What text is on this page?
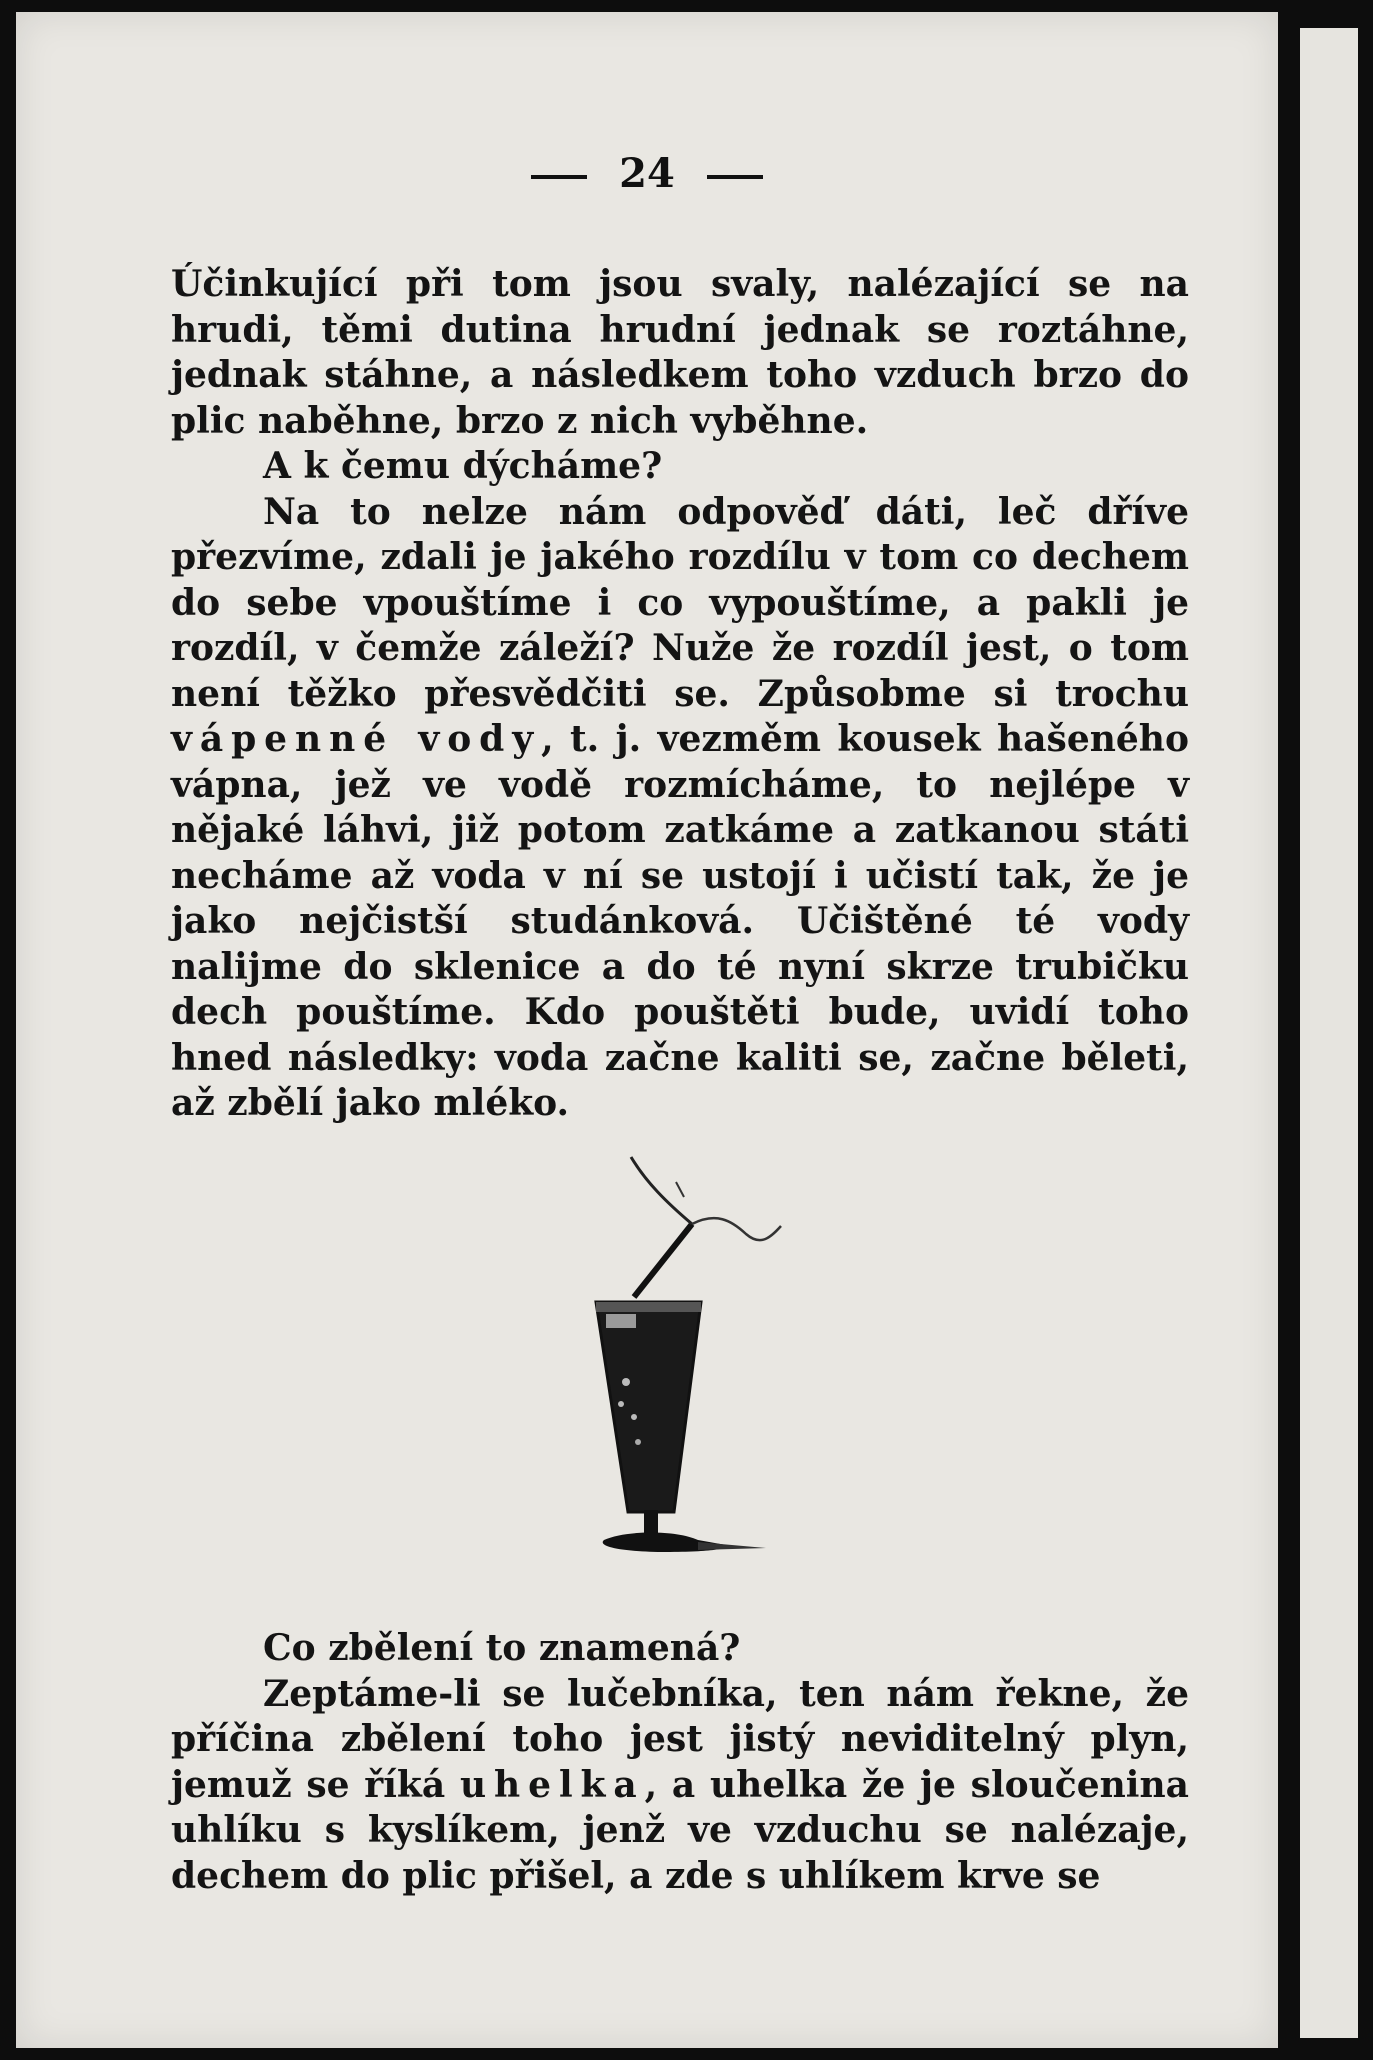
24

Účinkující při tom jsou svaly, nalézající se na hrudi, těmi dutina hrudní jednak se roztáhne, jednak stáhne, a následkem toho vzduch brzo do plic naběhne, brzo z nich vyběhne.

A k čemu dýcháme?

Na to nelze nám odpověď dáti, leč dříve přezvíme, zdali je jakého rozdílu v tom co dechem do sebe vpouštíme i co vypouštíme, a pakli je rozdíl, v čemže záleží? Nuže že rozdíl jest, o tom není těžko přesvědčiti se. Způsobme si trochu vápenné vody, t. j. vezměm kousek hašeného vápna, jež ve vodě rozmícháme, to nejlépe v nějaké láhvi, již potom zatkáme a zatkanou státi necháme až voda v ní se ustojí i učistí tak, že je jako nejčistší studánková. Učištěné té vody nalijme do sklenice a do té nyní skrze trubičku dech pouštíme. Kdo pouštěti bude, uvidí toho hned následky: voda začne kaliti se, začne běleti, až zbělí jako mléko.

Co zbělení to znamená?

Zeptáme-li se lučebníka, ten nám řekne, že příčina zbělení toho jest jistý neviditelný plyn, jemuž se říká uhelka, a uhelka že je sloučenina uhlíku s kyslíkem, jenž ve vzduchu se nalézaje, dechem do plic přišel, a zde s uhlíkem krve se
